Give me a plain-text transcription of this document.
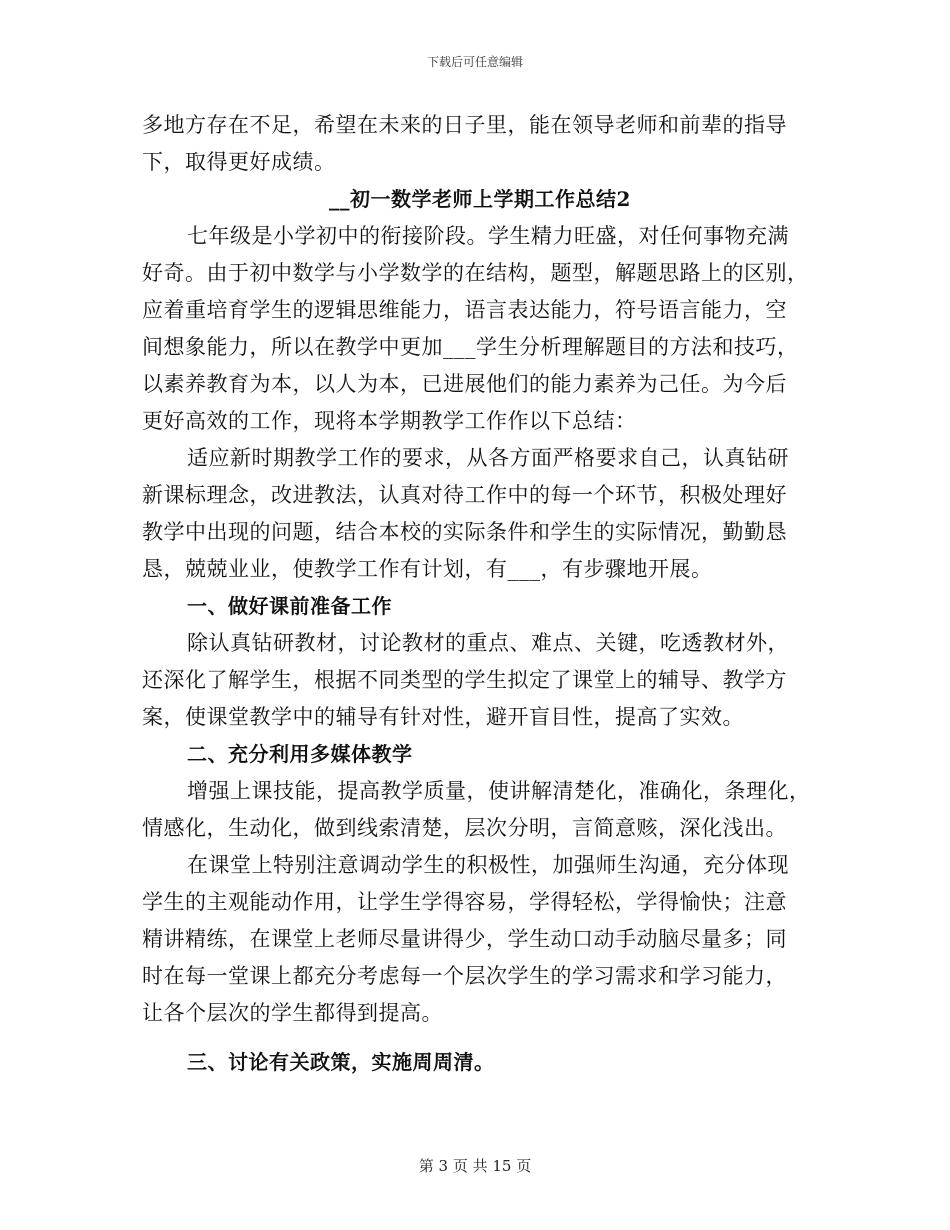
下载后可任意编辑
多地方存在不足，希望在未来的日子里，能在领导老师和前辈的指导
下，取得更好成绩。
__初一数学老师上学期工作总结2
七年级是小学初中的衔接阶段。学生精力旺盛，对任何事物充满
好奇。由于初中数学与小学数学的在结构，题型，解题思路上的区别，
应着重培育学生的逻辑思维能力，语言表达能力，符号语言能力，空
间想象能力，所以在教学中更加___学生分析理解题目的方法和技巧，
以素养教育为本，以人为本，已进展他们的能力素养为己任。为今后
更好高效的工作，现将本学期教学工作作以下总结：
适应新时期教学工作的要求，从各方面严格要求自己，认真钻研
新课标理念，改进教法，认真对待工作中的每一个环节，积极处理好
教学中出现的问题，结合本校的实际条件和学生的实际情况，勤勤恳
恳，兢兢业业，使教学工作有计划，有___，有步骤地开展。
一、做好课前准备工作
除认真钻研教材，讨论教材的重点、难点、关键，吃透教材外，
还深化了解学生，根据不同类型的学生拟定了课堂上的辅导、教学方
案，使课堂教学中的辅导有针对性，避开盲目性，提高了实效。
二、充分利用多媒体教学
增强上课技能，提高教学质量，使讲解清楚化，准确化，条理化，
情感化，生动化，做到线索清楚，层次分明，言简意赅，深化浅出。
在课堂上特别注意调动学生的积极性，加强师生沟通，充分体现
学生的主观能动作用，让学生学得容易，学得轻松，学得愉快；注意
精讲精练，在课堂上老师尽量讲得少，学生动口动手动脑尽量多；同
时在每一堂课上都充分考虑每一个层次学生的学习需求和学习能力，
让各个层次的学生都得到提高。
三、讨论有关政策，实施周周清。
第 3 页 共 15 页
